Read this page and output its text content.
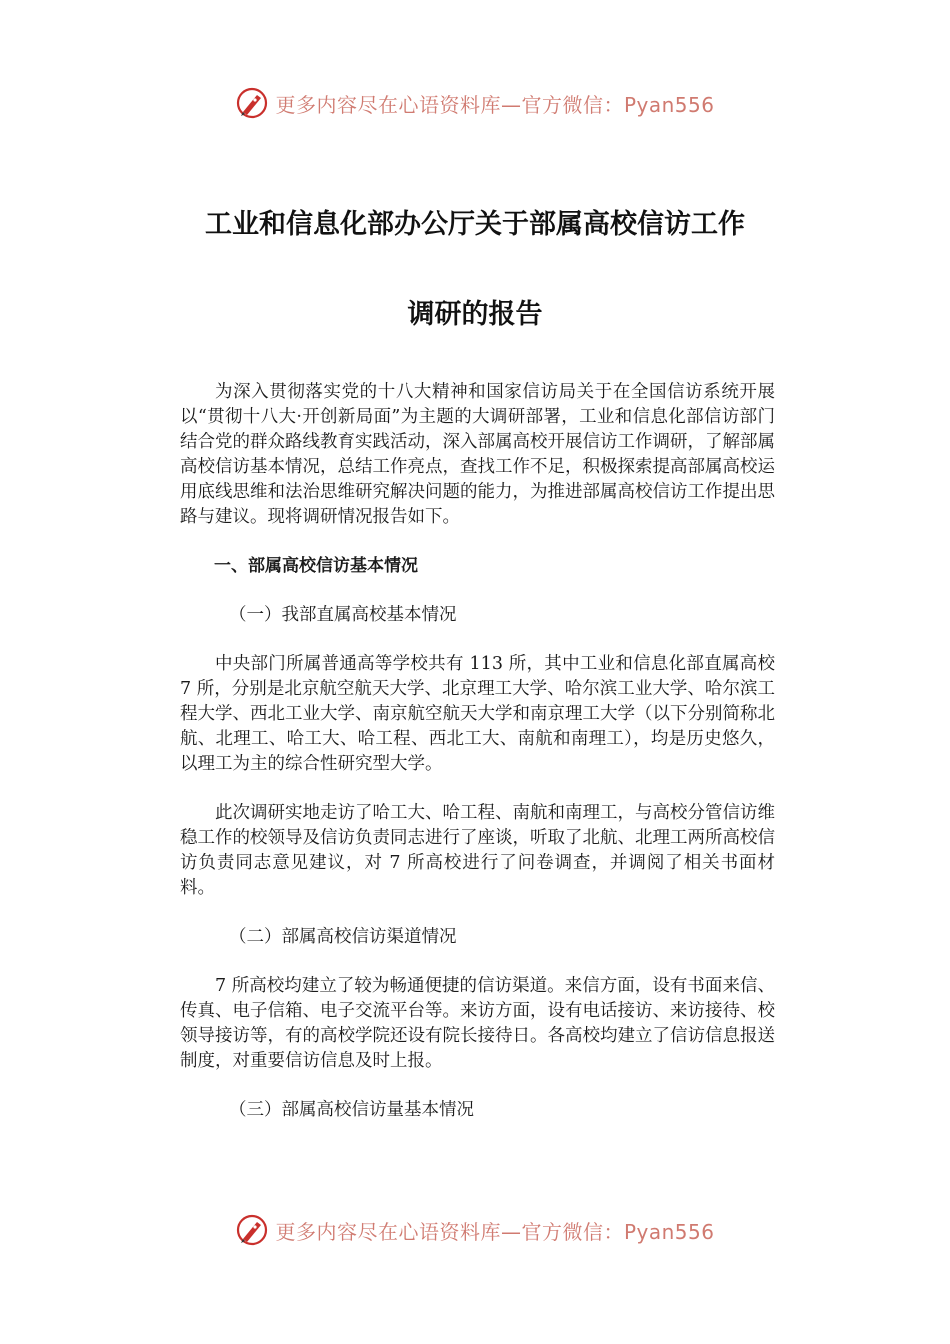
更多内容尽在心语资料库—官方微信：Pyan556
工业和信息化部办公厅关于部属高校信访工作
调研的报告

为深入贯彻落实党的十八大精神和国家信访局关于在全国信访系统开展以“贯彻十八大·开创新局面”为主题的大调研部署，工业和信息化部信访部门结合党的群众路线教育实践活动，深入部属高校开展信访工作调研，了解部属高校信访基本情况，总结工作亮点，查找工作不足，积极探索提高部属高校运用底线思维和法治思维研究解决问题的能力，为推进部属高校信访工作提出思路与建议。现将调研情况报告如下。

一、部属高校信访基本情况

（一）我部直属高校基本情况

中央部门所属普通高等学校共有 113 所，其中工业和信息化部直属高校 7 所，分别是北京航空航天大学、北京理工大学、哈尔滨工业大学、哈尔滨工程大学、西北工业大学、南京航空航天大学和南京理工大学（以下分别简称北航、北理工、哈工大、哈工程、西北工大、南航和南理工），均是历史悠久，以理工为主的综合性研究型大学。

此次调研实地走访了哈工大、哈工程、南航和南理工，与高校分管信访维稳工作的校领导及信访负责同志进行了座谈，听取了北航、北理工两所高校信访负责同志意见建议，对 7 所高校进行了问卷调查，并调阅了相关书面材料。

（二）部属高校信访渠道情况

7 所高校均建立了较为畅通便捷的信访渠道。来信方面，设有书面来信、传真、电子信箱、电子交流平台等。来访方面，设有电话接访、来访接待、校领导接访等，有的高校学院还设有院长接待日。各高校均建立了信访信息报送制度，对重要信访信息及时上报。

（三）部属高校信访量基本情况

更多内容尽在心语资料库—官方微信：Pyan556
